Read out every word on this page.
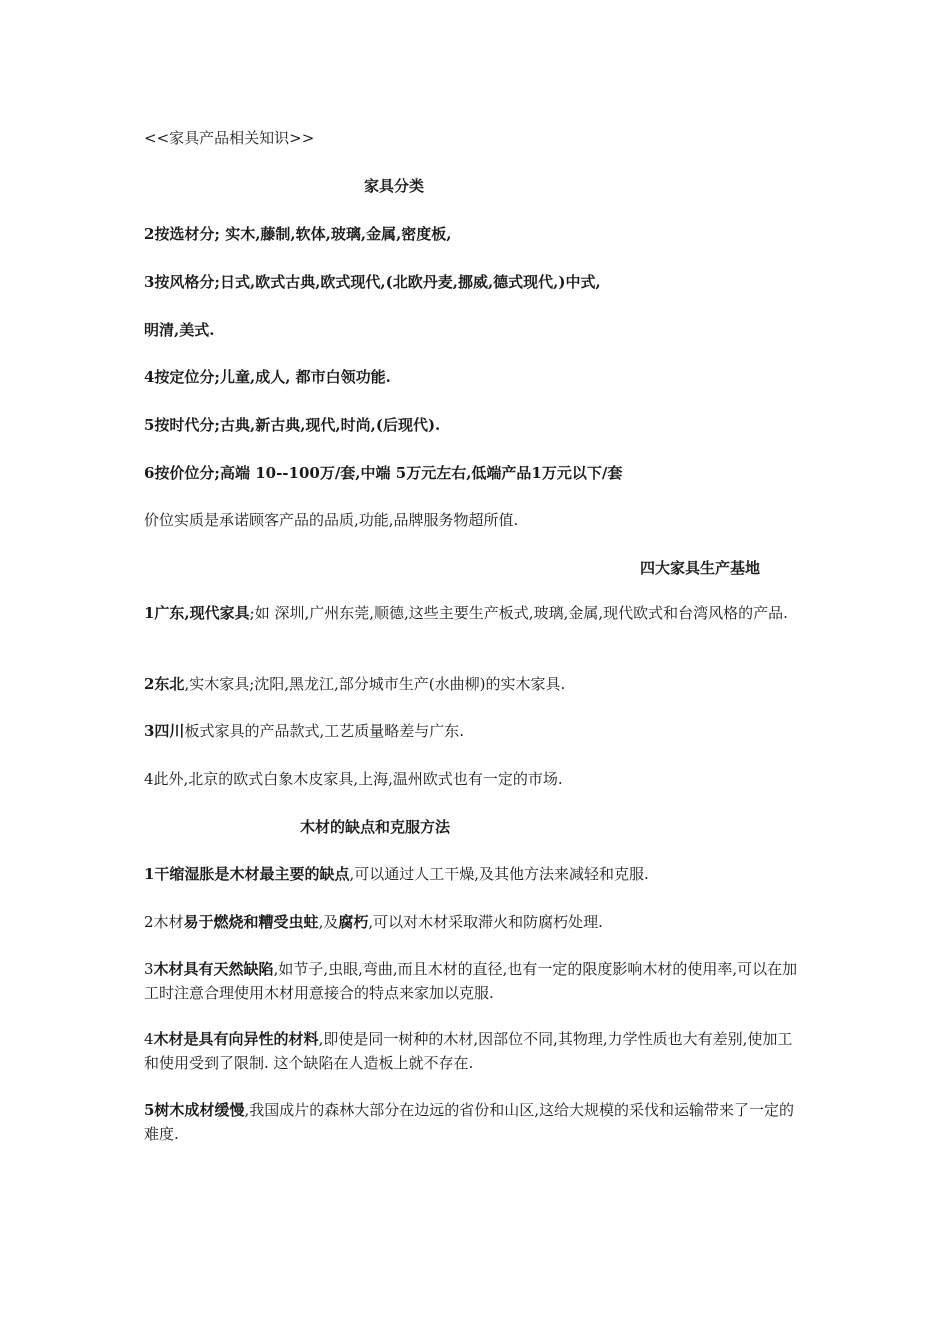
<<家具产品相关知识>>
家具分类
2按选材分; 实木,藤制,软体,玻璃,金属,密度板,
3按风格分;日式,欧式古典,欧式现代,(北欧丹麦,挪威,德式现代,)中式,
明清,美式.
4按定位分;儿童,成人, 都市白领功能.
5按时代分;古典,新古典,现代,时尚,(后现代).
6按价位分;高端 10--100万/套,中端 5万元左右,低端产品1万元以下/套
价位实质是承诺顾客产品的品质,功能,品牌服务物超所值.
四大家具生产基地
1广东,现代家具;如 深圳,广州东莞,顺德,这些主要生产板式,玻璃,金属,现代欧式和台湾风格的产品.
2东北,实木家具;沈阳,黑龙江,部分城市生产(水曲柳)的实木家具.
3四川板式家具的产品款式,工艺质量略差与广东.
4此外,北京的欧式白象木皮家具,上海,温州欧式也有一定的市场.
木材的缺点和克服方法
1干缩湿胀是木材最主要的缺点,可以通过人工干燥,及其他方法来减轻和克服.
2木材易于燃烧和糟受虫蛀,及腐朽,可以对木材采取滞火和防腐朽处理.
3木材具有天然缺陷,如节子,虫眼,弯曲,而且木材的直径,也有一定的限度影响木材的使用率,可以在加工时注意合理使用木材用意接合的特点来家加以克服.
4木材是具有向异性的材料,即使是同一树种的木材,因部位不同,其物理,力学性质也大有差别,使加工和使用受到了限制. 这个缺陷在人造板上就不存在.
5树木成材缓慢,我国成片的森林大部分在边远的省份和山区,这给大规模的采伐和运输带来了一定的难度.
